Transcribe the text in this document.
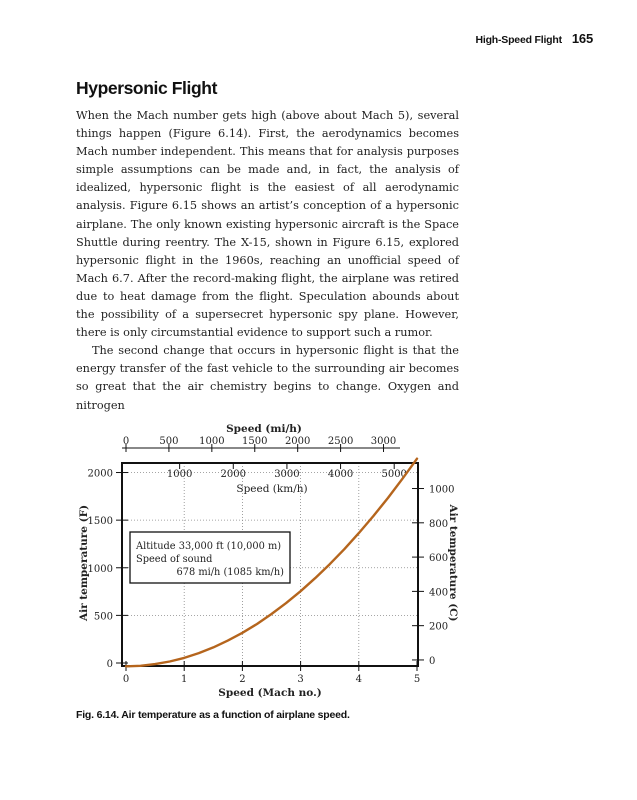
High-Speed Flight 165
Hypersonic Flight

When the Mach number gets high (above about Mach 5), several things happen (Figure 6.14). First, the aerodynamics becomes Mach number independent. This means that for analysis purposes simple assumptions can be made and, in fact, the analysis of idealized, hypersonic flight is the easiest of all aerodynamic analysis. Figure 6.15 shows an artist’s conception of a hypersonic airplane. The only known existing hypersonic aircraft is the Space Shuttle during reentry. The X-15, shown in Figure 6.15, explored hypersonic flight in the 1960s, reaching an unofficial speed of Mach 6.7. After the record-making flight, the airplane was retired due to heat damage from the flight. Speculation abounds about the possibility of a supersecret hypersonic spy plane. However, there is only circumstantial evidence to support such a rumor.

The second change that occurs in hypersonic flight is that the energy transfer of the fast vehicle to the surrounding air becomes so great that the air chemistry begins to change. Oxygen and nitrogen

0	1	2	3	4	5
0
500
1000
1500
2000
0
200
400
600
800
1000
0	500 1000 1500 2000 2500 3000
1000	2000	3000	4000	5000
Speed (mi/h)
Speed (km/h)
Speed (Mach no.)
Air temperature (F)	Air temperature (C)
Altitude 33,000 ft (10,000 m)
Speed of sound
678 mi/h (1085 km/h)
Fig. 6.14. Air temperature as a function of airplane speed.
